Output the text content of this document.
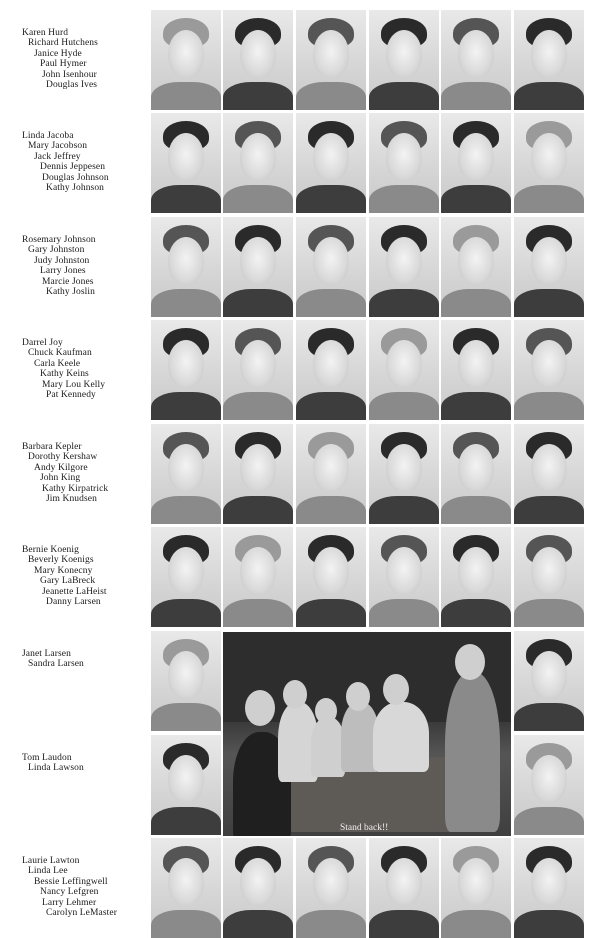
Karen Hurd
Richard Hutchens
Janice Hyde
Paul Hymer
John Isenhour
Douglas Ives
Linda Jacoba
Mary Jacobson
Jack Jeffrey
Dennis Jeppesen
Douglas Johnson
Kathy Johnson
Rosemary Johnson
Gary Johnston
Judy Johnston
Larry Jones
Marcie Jones
Kathy Joslin
Darrel Joy
Chuck Kaufman
Carla Keele
Kathy Keins
Mary Lou Kelly
Pat Kennedy
Barbara Kepler
Dorothy Kershaw
Andy Kilgore
John King
Kathy Kirpatrick
Jim Knudsen
Bernie Koenig
Beverly Koenigs
Mary Konecny
Gary LaBreck
Jeanette LaHeist
Danny Larsen
Janet Larsen
Sandra Larsen
Tom Laudon
Linda Lawson
Laurie Lawton
Linda Lee
Bessie Leffingwell
Nancy Lefgren
Larry Lehmer
Carolyn LeMaster
Stand back!!
